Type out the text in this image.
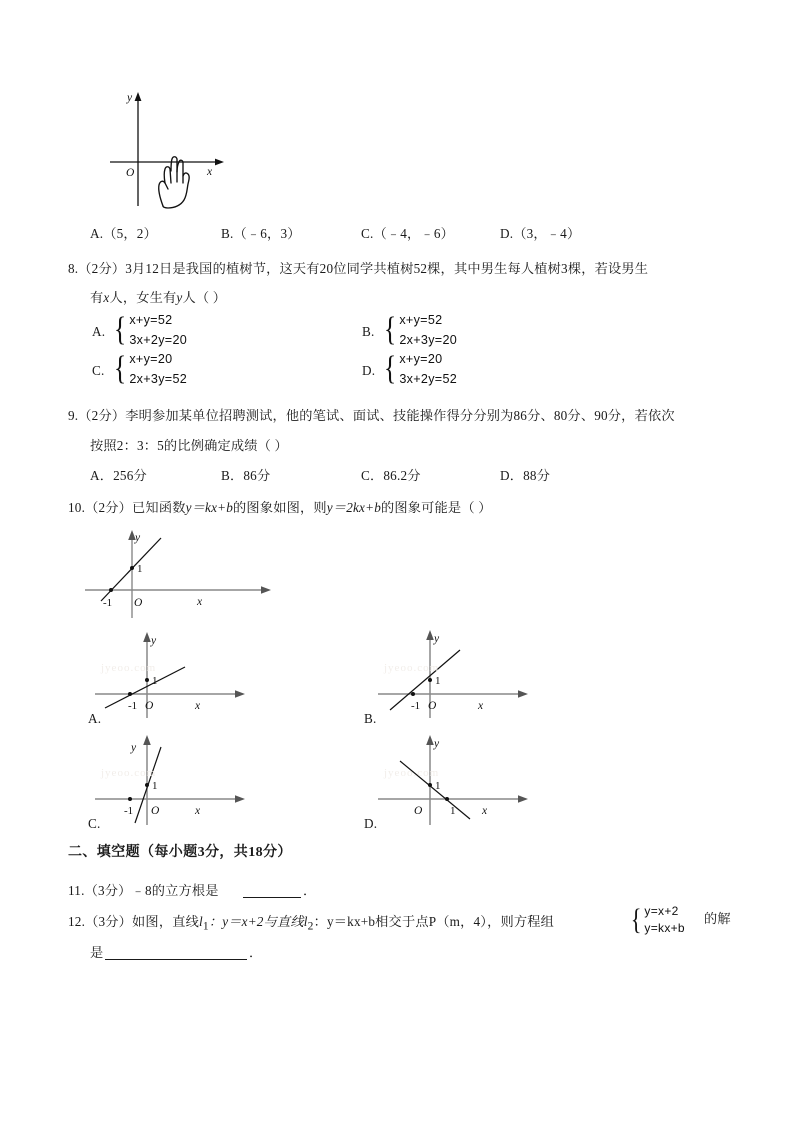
y
x
O
A.（5，2）	B.（﹣6，3）	C.（﹣4，﹣6）	D.（3，﹣4）
8.（2分）3月12日是我国的植树节，这天有20位同学共植树52棵，其中男生每人植树3棵，若设男生
有x人，女生有y人（ ）
A. { x+y=52
3x+2y=20
B. { x+y=52
2x+3y=20
C. { x+y=20
2x+3y=52
D. { x+y=20
3x+2y=52
9.（2分）李明参加某单位招聘测试，他的笔试、面试、技能操作得分分别为86分、80分、90分，若依次
按照2：3：5的比例确定成绩（ ）
A．256分	B．86分	C．86.2分	D．88分
10.（2分）已知函数y＝kx+b的图象如图，则y＝2kx+b的图象可能是（ ）
y
x
O
-1
1
y
x
O
-1
1
jyeoo.com
A.
y
x
O
-1
1
jyeoo.com
B.
y
x
O
-1
1
jyeoo.com
C.
y
x
O	1
1
jyeoo.com
D.
二、填空题（每小题3分，共18分）
11.（3分）﹣8的立方根是	．
12.（3分）如图，直线l1：y＝x+2与直线l2：y＝kx+b相交于点P（m，4），则方程组	{ y=x+2
y=kx+b
的解
是	．
